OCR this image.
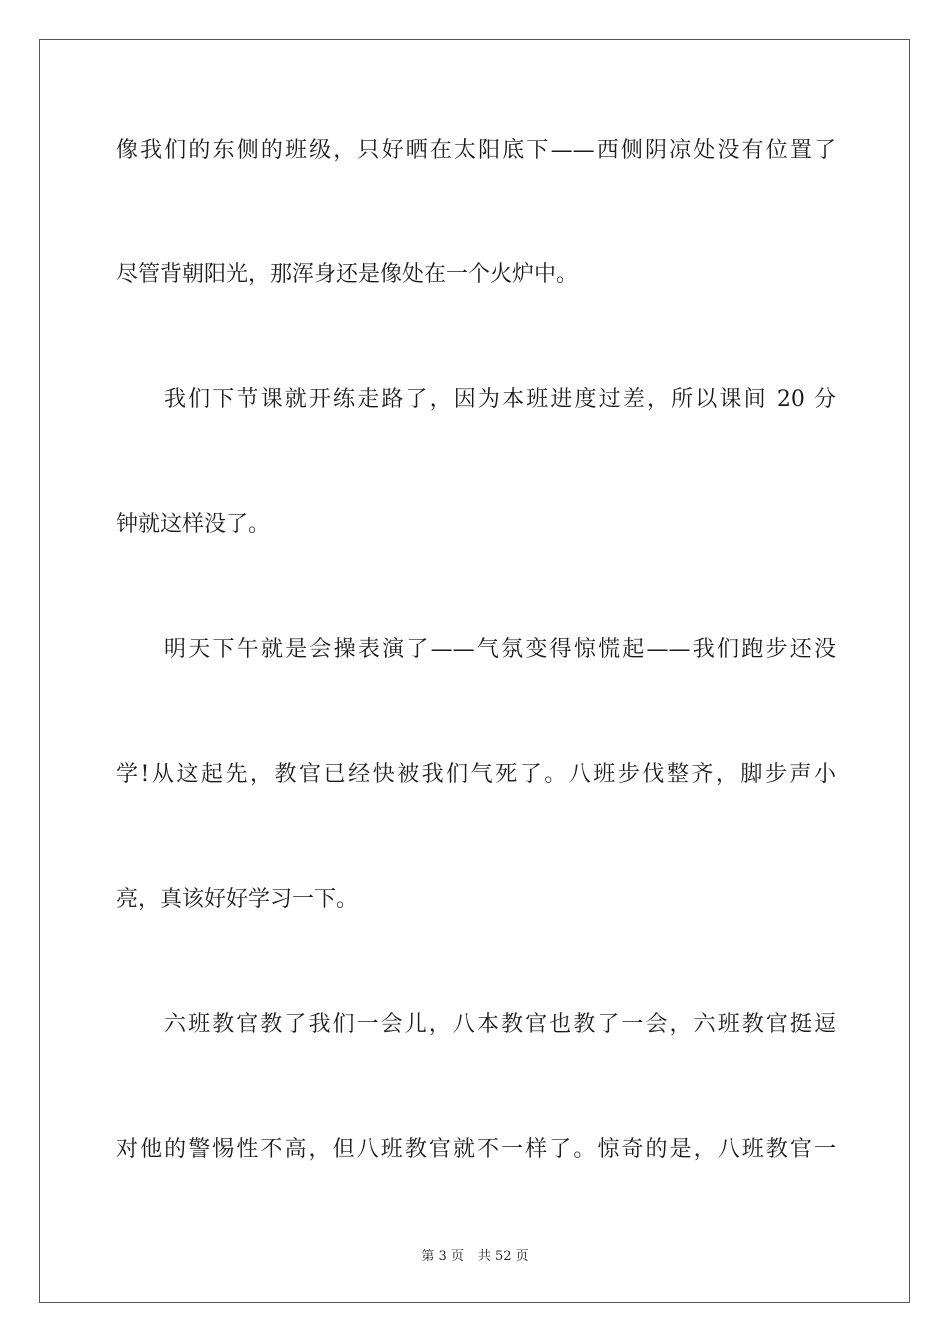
像我们的东侧的班级，只好晒在太阳底下——西侧阴凉处没有位置了
尽管背朝阳光，那浑身还是像处在一个火炉中。
我们下节课就开练走路了，因为本班进度过差，所以课间 20 分
钟就这样没了。
明天下午就是会操表演了——气氛变得惊慌起——我们跑步还没
学!从这起先，教官已经快被我们气死了。八班步伐整齐，脚步声小
亮，真该好好学习一下。
六班教官教了我们一会儿，八本教官也教了一会，六班教官挺逗
对他的警惕性不高，但八班教官就不一样了。惊奇的是，八班教官一
第 3 页 共 52 页
